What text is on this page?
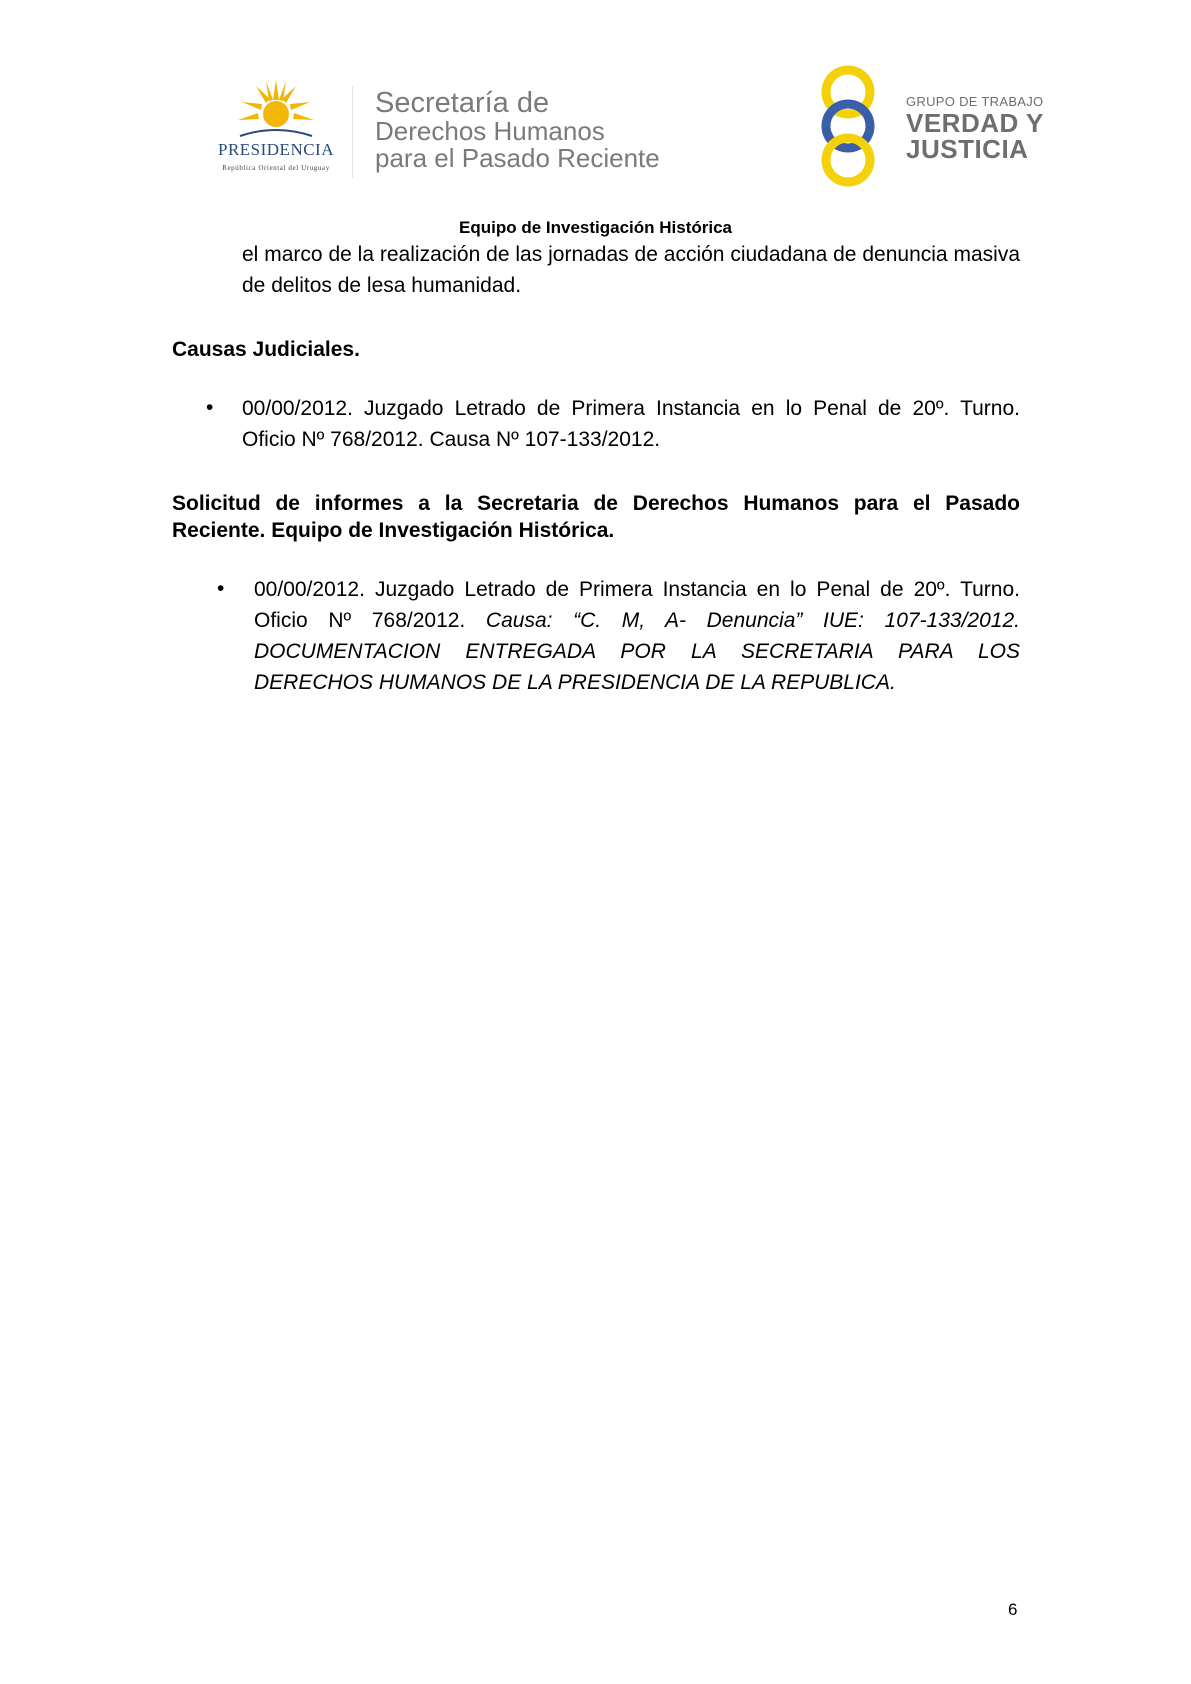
PRESIDENCIA
República Oriental del Uruguay
Secretaría de
Derechos Humanos
para el Pasado Reciente
GRUPO DE TRABAJO
VERDAD Y
JUSTICIA
Equipo de Investigación Histórica
el marco de la realización de las jornadas de acción ciudadana de denuncia masiva de delitos de lesa humanidad.
Causas Judiciales.
• 00/00/2012. Juzgado Letrado de Primera Instancia en lo Penal de 20º. Turno. Oficio Nº 768/2012. Causa Nº 107-133/2012.
Solicitud de informes a la Secretaria de Derechos Humanos para el Pasado Reciente. Equipo de Investigación Histórica.
• 00/00/2012. Juzgado Letrado de Primera Instancia en lo Penal de 20º. Turno. Oficio Nº 768/2012. Causa: “C. M, A- Denuncia” IUE: 107-133/2012. DOCUMENTACION ENTREGADA POR LA SECRETARIA PARA LOS DERECHOS HUMANOS DE LA PRESIDENCIA DE LA REPUBLICA.
6
